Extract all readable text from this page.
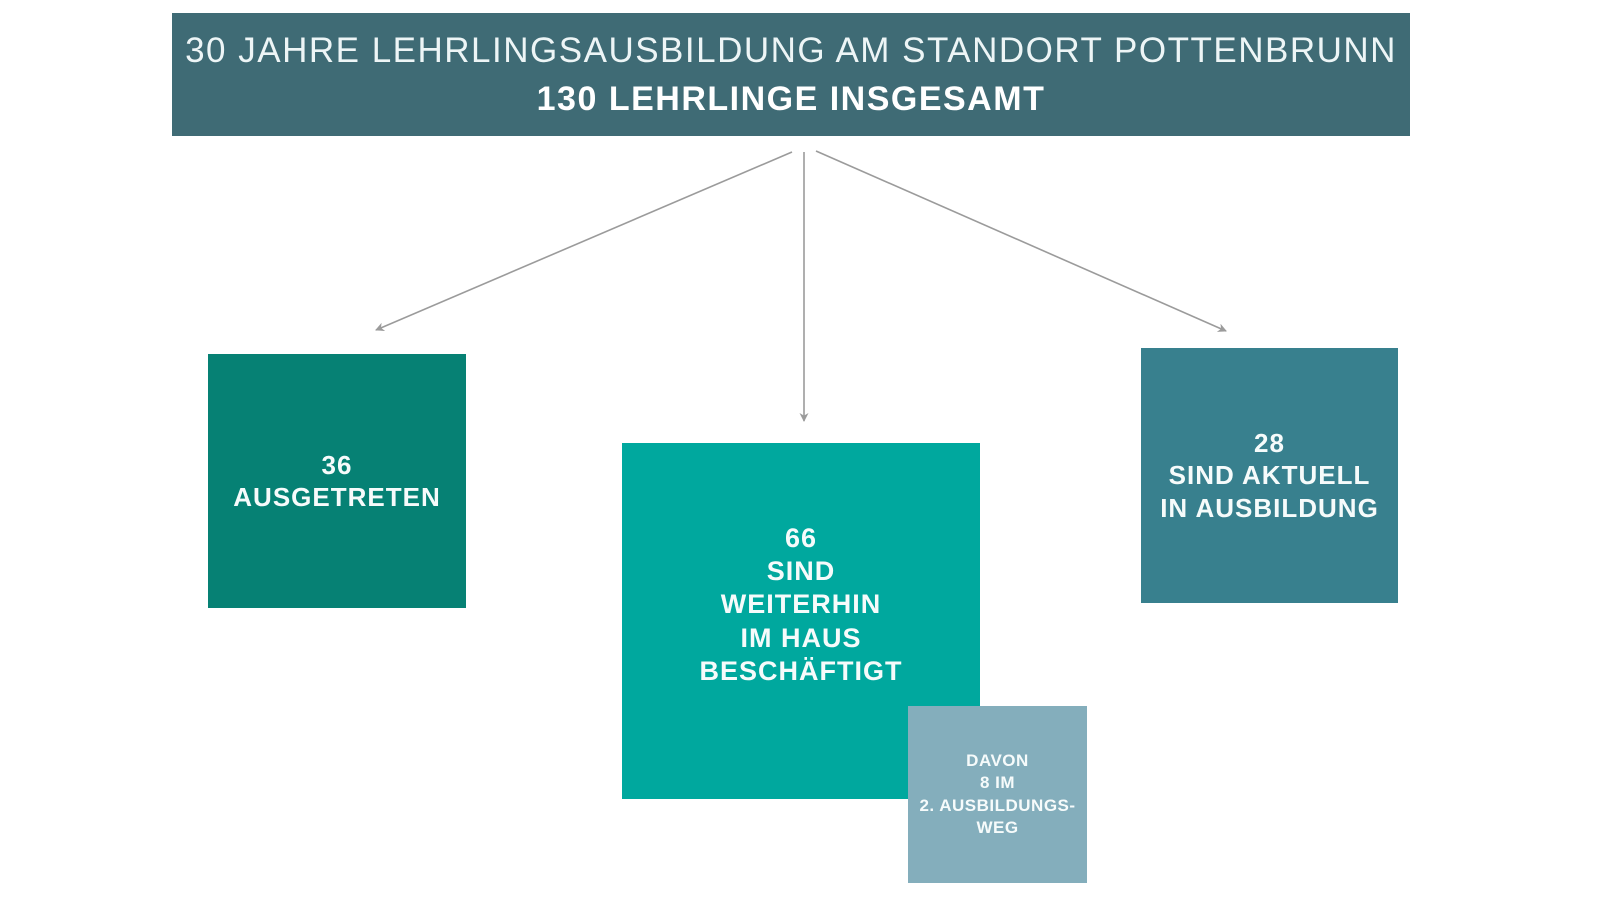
30 JAHRE LEHRLINGSAUSBILDUNG AM STANDORT POTTENBRUNN
130 LEHRLINGE INSGESAMT
36
AUSGETRETEN
66
SIND
WEITERHIN
IM HAUS
BESCHÄFTIGT
28
SIND AKTUELL
IN AUSBILDUNG
DAVON
8 IM
2. AUSBILDUNGS-
WEG
